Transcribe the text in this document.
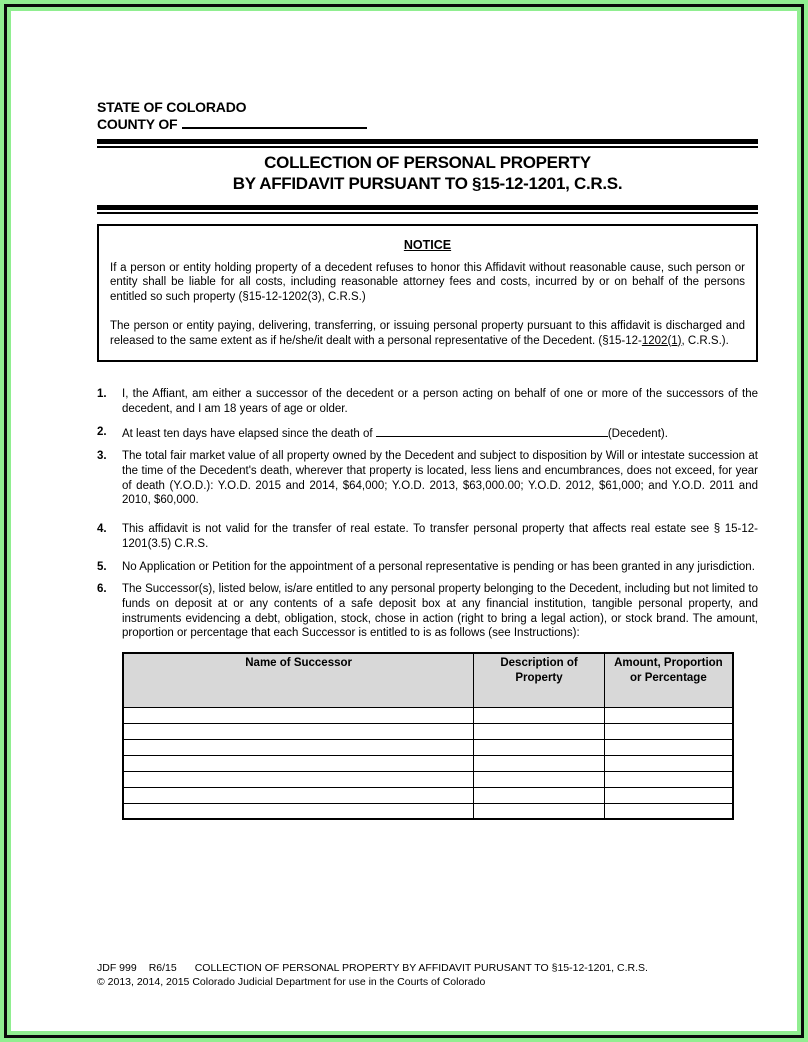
STATE OF COLORADO
COUNTY OF
COLLECTION OF PERSONAL PROPERTY
BY AFFIDAVIT PURSUANT TO §15-12-1201, C.R.S.
NOTICE

If a person or entity holding property of a decedent refuses to honor this Affidavit without reasonable cause, such person or entity shall be liable for all costs, including reasonable attorney fees and costs, incurred by or on behalf of the persons entitled so such property (§15-12-1202(3), C.R.S.)

The person or entity paying, delivering, transferring, or issuing personal property pursuant to this affidavit is discharged and released to the same extent as if he/she/it dealt with a personal representative of the Decedent. (§15-12-1202(1), C.R.S.).

1.	I, the Affiant, am either a successor of the decedent or a person acting on behalf of one or more of the successors of the decedent, and I am 18 years of age or older.
2.	At least ten days have elapsed since the death of	(Decedent).
3.	The total fair market value of all property owned by the Decedent and subject to disposition by Will or intestate succession at the time of the Decedent's death, wherever that property is located, less liens and encumbrances, does not exceed, for year of death (Y.O.D.): Y.O.D. 2015 and 2014, $64,000; Y.O.D. 2013, $63,000.00; Y.O.D. 2012, $61,000; and Y.O.D. 2011 and 2010, $60,000.
4.	This affidavit is not valid for the transfer of real estate. To transfer personal property that affects real estate see § 15-12-1201(3.5) C.R.S.
5.	No Application or Petition for the appointment of a personal representative is pending or has been granted in any jurisdiction.
6.	The Successor(s), listed below, is/are entitled to any personal property belonging to the Decedent, including but not limited to funds on deposit at or any contents of a safe deposit box at any financial institution, tangible personal property, and instruments evidencing a debt, obligation, stock, chose in action (right to bring a legal action), or stock brand. The amount, proportion or percentage that each Successor is entitled to is as follows (see Instructions):
Name of Successor	Description of Property	Amount, Proportion or Percentage

JDF 999 R6/15 COLLECTION OF PERSONAL PROPERTY BY AFFIDAVIT PURUSANT TO §15-12-1201, C.R.S.
© 2013, 2014, 2015 Colorado Judicial Department for use in the Courts of Colorado
